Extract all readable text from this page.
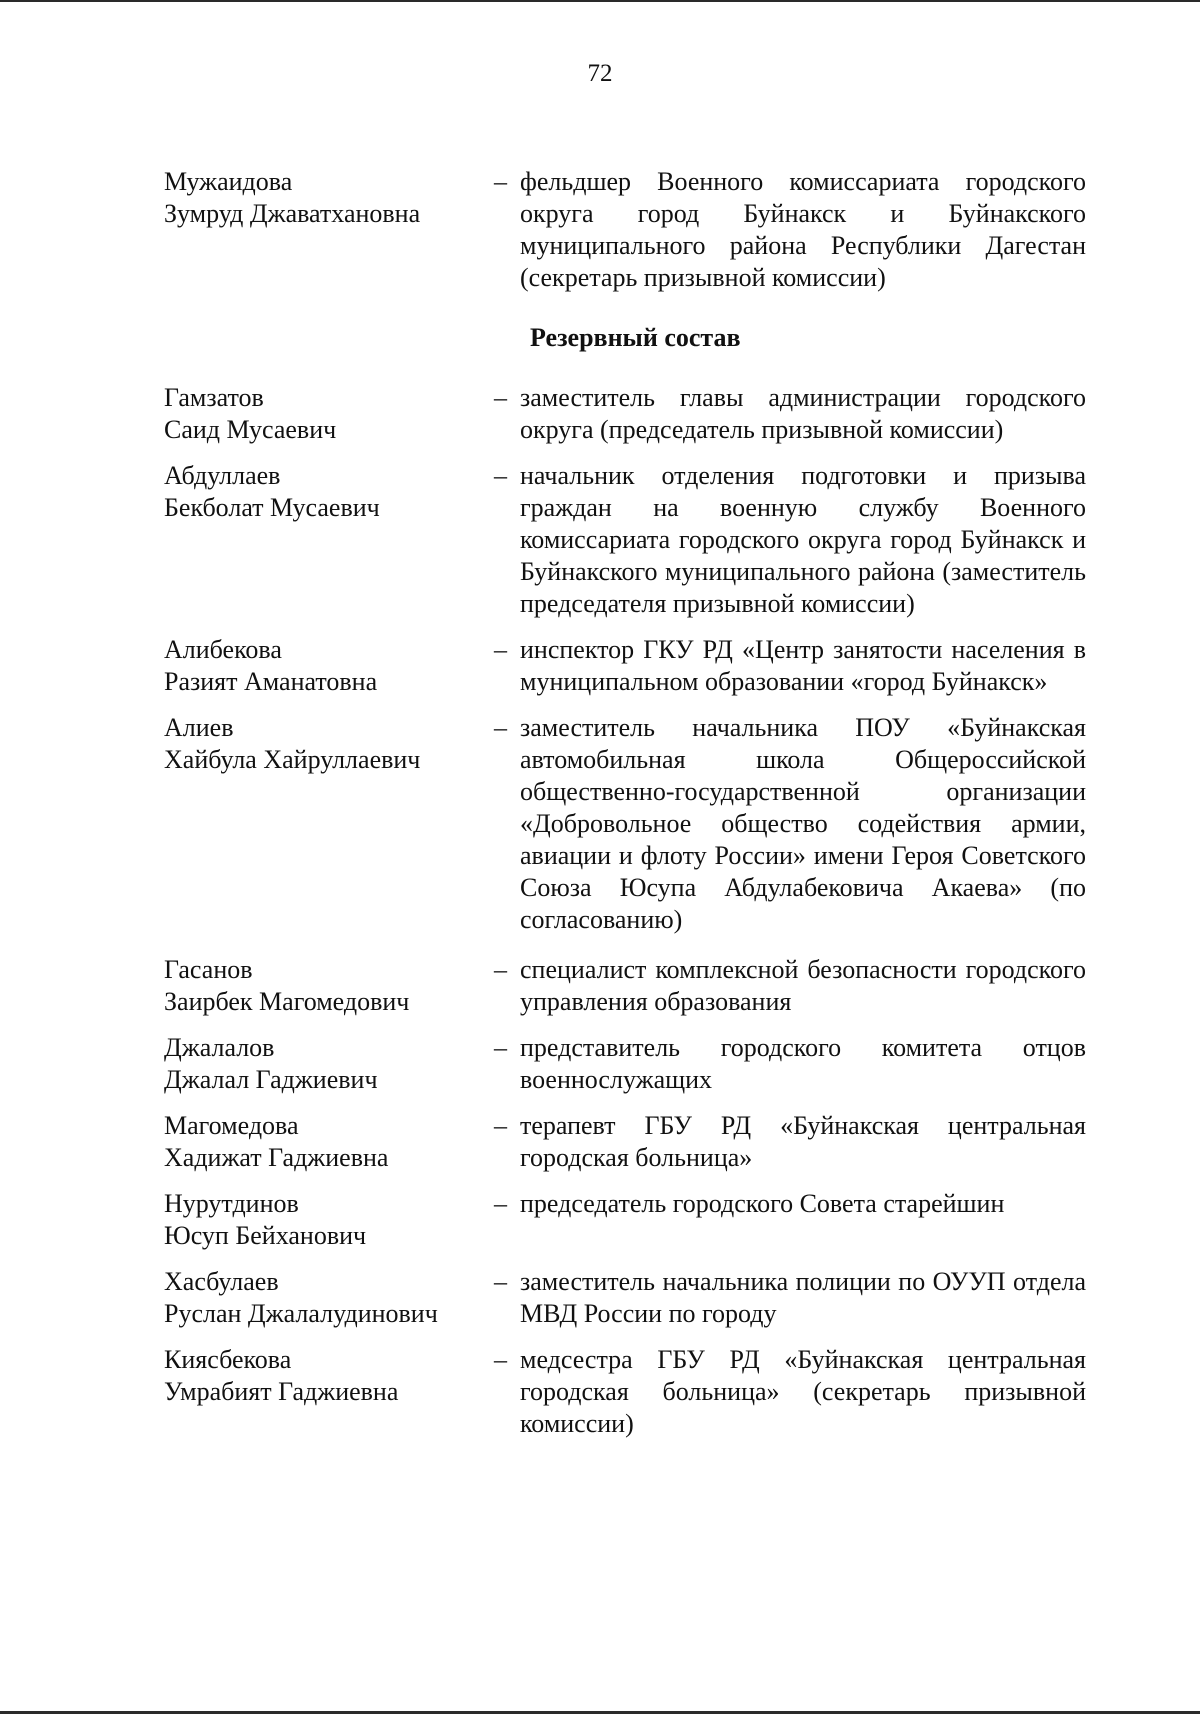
72
Мужаидова
Зумруд Джаватхановна
– фельдшер Военного комиссариата городского округа город Буйнакск и Буйнакского муниципального района Республики Дагестан (секретарь призывной комиссии)
Резервный состав
Гамзатов
Саид Мусаевич
– заместитель главы администрации городского округа (председатель призывной комиссии)
Абдуллаев
Бекболат Мусаевич
– начальник отделения подготовки и призыва граждан на военную службу Военного комиссариата городского округа город Буйнакск и Буйнакского муниципального района (заместитель председателя призывной комиссии)
Алибекова
Разият Аманатовна
– инспектор ГКУ РД «Центр занятости населения в муниципальном образовании «город Буйнакск»
Алиев
Хайбула Хайруллаевич
– заместитель начальника ПОУ «Буйнакская автомобильная школа Общероссийской общественно-государственной организации «Добровольное общество содействия армии, авиации и флоту России» имени Героя Советского Союза Юсупа Абдулабековича Акаева» (по согласованию)
Гасанов
Заирбек Магомедович
– специалист комплексной безопасности городского управления образования
Джалалов
Джалал Гаджиевич
– представитель городского комитета отцов военнослужащих
Магомедова
Хадижат Гаджиевна
– терапевт ГБУ РД «Буйнакская центральная городская больница»
Нурутдинов
Юсуп Бейханович
– председатель городского Совета старейшин
Хасбулаев
Руслан Джалалудинович
– заместитель начальника полиции по ОУУП отдела МВД России по городу
Киясбекова
Умрабият Гаджиевна
– медсестра ГБУ РД «Буйнакская центральная городская больница» (секретарь призывной комиссии)
